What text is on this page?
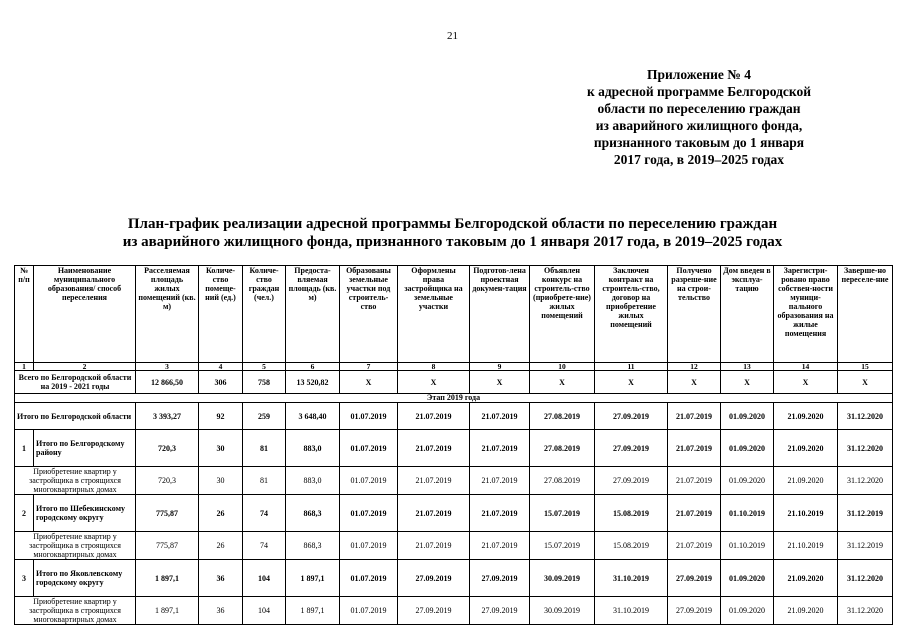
21
Приложение № 4
к адресной программе Белгородской
области по переселению граждан
из аварийного жилищного фонда,
признанного таковым до 1 января
2017 года, в 2019–2025 годах
План-график реализации адресной программы Белгородской области по переселению граждан
из аварийного жилищного фонда, признанного таковым до 1 января 2017 года, в 2019–2025 годах
№ п/п	Наименование муниципального образования/ способ переселения	Расселяемая площадь жилых помещений (кв. м)	Количе-ство помеще-ний (ед.)	Количе-ство граждан (чел.)	Предоста-вляемая площадь (кв. м)	Образованы земельные участки под строитель-ство	Оформлены права застройщика на земельные участки	Подготов-лена проектная докумен-тация	Объявлен конкурс на строитель-ство (приобрете-ние) жилых помещений	Заключен контракт на строитель-ство, договор на приобретение жилых помещений	Получено разреше-ние на строи-тельство	Дом введен в эксплуа-тацию	Зарегистри-ровано право собствен-ности муници-пального образования на жилые помещения	Заверше-но переселе-ние
1	2	3	4	5	6	7	8	9	10	11	12	13	14	15
Всего по Белгородской области на 2019 - 2021 годы		12 866,50	306	758	13 520,82	X	X	X	X	X	X	X	X	X
Этап 2019 года														
Итого по Белгородской области		3 393,27	92	259	3 648,40	01.07.2019	21.07.2019	21.07.2019	27.08.2019	27.09.2019	21.07.2019	01.09.2020	21.09.2020	31.12.2020
1	Итого по Белгородскому району	720,3	30	81	883,0	01.07.2019	21.07.2019	21.07.2019	27.08.2019	27.09.2019	21.07.2019	01.09.2020	21.09.2020	31.12.2020
Приобретение квартир у застройщика в строящихся многоквартирных домах		720,3	30	81	883,0	01.07.2019	21.07.2019	21.07.2019	27.08.2019	27.09.2019	21.07.2019	01.09.2020	21.09.2020	31.12.2020
2	Итого по Шебекинскому городскому округу	775,87	26	74	868,3	01.07.2019	21.07.2019	21.07.2019	15.07.2019	15.08.2019	21.07.2019	01.10.2019	21.10.2019	31.12.2019
Приобретение квартир у застройщика в строящихся многоквартирных домах		775,87	26	74	868,3	01.07.2019	21.07.2019	21.07.2019	15.07.2019	15.08.2019	21.07.2019	01.10.2019	21.10.2019	31.12.2019
3	Итого по Яковлевскому городскому округу	1 897,1	36	104	1 897,1	01.07.2019	27.09.2019	27.09.2019	30.09.2019	31.10.2019	27.09.2019	01.09.2020	21.09.2020	31.12.2020
Приобретение квартир у застройщика в строящихся многоквартирных домах		1 897,1	36	104	1 897,1	01.07.2019	27.09.2019	27.09.2019	30.09.2019	31.10.2019	27.09.2019	01.09.2020	21.09.2020	31.12.2020
